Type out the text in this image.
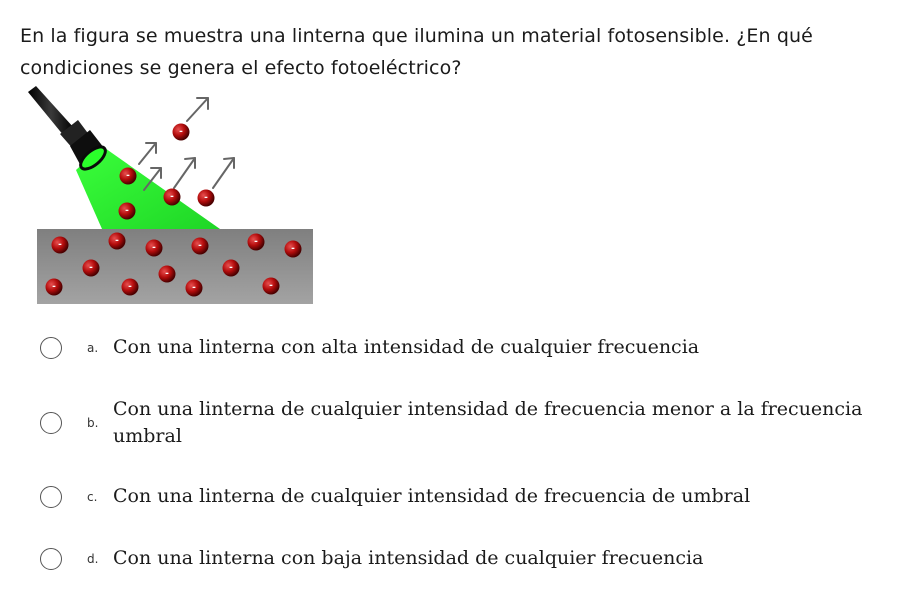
En la figura se muestra una linterna que ilumina un material fotosensible. ¿En qué condiciones se genera el efecto fotoeléctrico?
-
-
-
-	-
-	-
-	-	-
-
-
-
-
-	-	-	-
a. Con una linterna con alta intensidad de cualquier frecuencia
b.
Con una linterna de cualquier intensidad de frecuencia menor a la frecuencia umbral
c. Con una linterna de cualquier intensidad de frecuencia de umbral
d. Con una linterna con baja intensidad de cualquier frecuencia
